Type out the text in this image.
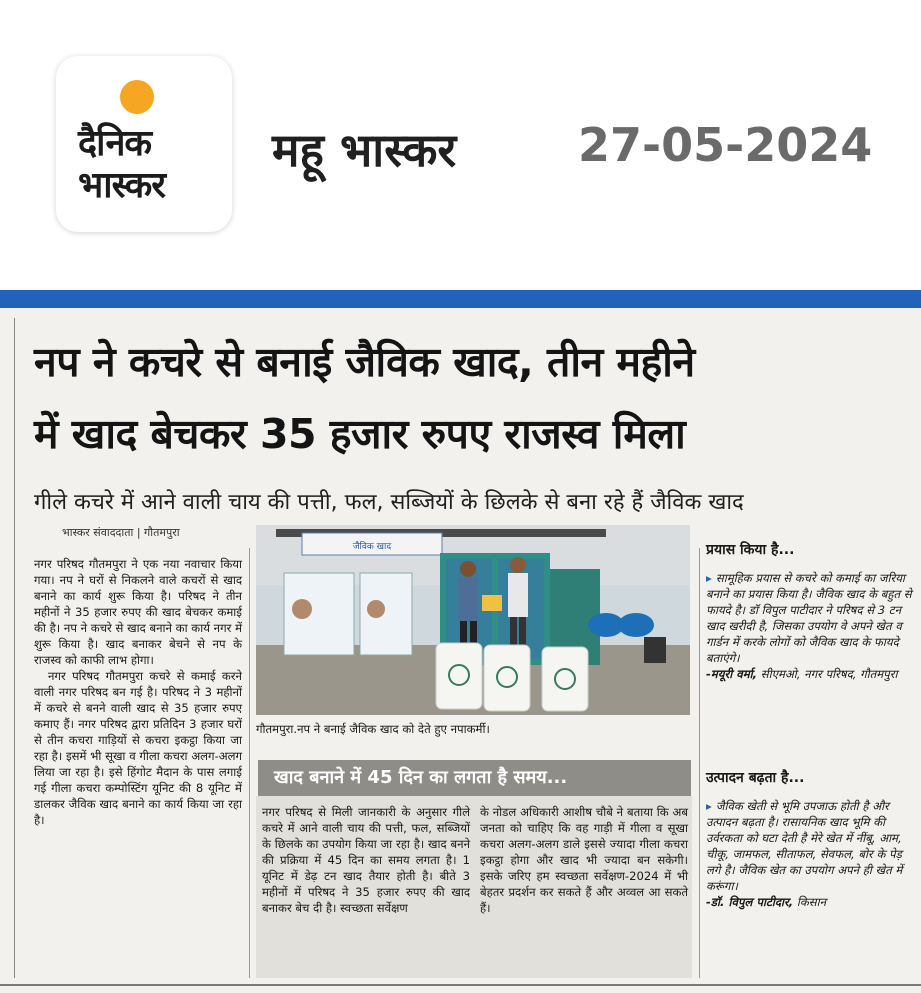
दैनिक
भास्कर
महू भास्कर	27-05-2024
नप ने कचरे से बनाई जैविक खाद, तीन महीने
में खाद बेचकर 35 हजार रुपए राजस्व मिला
गीले कचरे में आने वाली चाय की पत्ती, फल, सब्जियों के छिलके से बना रहे हैं जैविक खाद
भास्कर संवाददाता | गौतमपुरा

नगर परिषद गौतमपुरा ने एक नया नवाचार किया गया। नप ने घरों से निकलने वाले कचरों से खाद बनाने का कार्य शुरू किया है। परिषद ने तीन महीनों ने 35 हजार रुपए की खाद बेचकर कमाई की है। नप ने कचरे से खाद बनाने का कार्य नगर में शुरू किया है। खाद बनाकर बेचने से नप के राजस्व को काफी लाभ होगा।

नगर परिषद गौतमपुरा कचरे से कमाई करने वाली नगर परिषद बन गई है। परिषद ने 3 महीनों में कचरे से बनने वाली खाद से 35 हजार रुपए कमाए हैं। नगर परिषद द्वारा प्रतिदिन 3 हजार घरों से तीन कचरा गाड़ियों से कचरा इकट्ठा किया जा रहा है। इसमें भी सूखा व गीला कचरा अलग-अलग लिया जा रहा है। इसे हिंगोट मैदान के पास लगाई गई गीला कचरा कम्पोस्टिंग यूनिट की 8 यूनिट में डालकर जैविक खाद बनाने का कार्य किया जा रहा है।

जैविक खाद
गौतमपुरा.नप ने बनाई जैविक खाद को देते हुए नपाकर्मी।
खाद बनाने में 45 दिन का लगता है समय...
नगर परिषद से मिली जानकारी के अनुसार गीले कचरे में आने वाली चाय की पत्ती, फल, सब्जियों के छिलके का उपयोग किया जा रहा है। खाद बनने की प्रक्रिया में 45 दिन का समय लगता है। 1 यूनिट में डेढ़ टन खाद तैयार होती है। बीते 3 महीनों में परिषद ने 35 हजार रुपए की खाद बनाकर बेच दी है। स्वच्छता सर्वेक्षण
के नोडल अधिकारी आशीष चौबे ने बताया कि अब जनता को चाहिए कि वह गाड़ी में गीला व सूखा कचरा अलग-अलग डाले इससे ज्यादा गीला कचरा इकट्ठा होगा और खाद भी ज्यादा बन सकेगी। इसके जरिए हम स्वच्छता सर्वेक्षण-2024 में भी बेहतर प्रदर्शन कर सकते हैं और अव्वल आ सकते हैं।
प्रयास किया है...
▸ सामूहिक प्रयास से कचरे को कमाई का जरिया बनाने का प्रयास किया है। जैविक खाद के बहुत से फायदे है। डॉ विपुल पाटीदार ने परिषद से 3 टन खाद खरीदी है, जिसका उपयोग वे अपने खेत व गार्डन में करके लोगों को जैविक खाद के फायदे बताएंगे।
-मयूरी वर्मा, सीएमओ, नगर परिषद, गौतमपुरा
उत्पादन बढ़ता है...
▸ जैविक खेती से भूमि उपजाऊ होती है और उत्पादन बढ़ता है। रासायनिक खाद भूमि की उर्वरकता को घटा देती है मेरे खेत में नींबू, आम, चीकू, जामफल, सीताफल, सेवफल, बोर के पेड़ लगे है। जैविक खेत का उपयोग अपने ही खेत में करूंगा।
-डॉ. विपुल पाटीदार, किसान
